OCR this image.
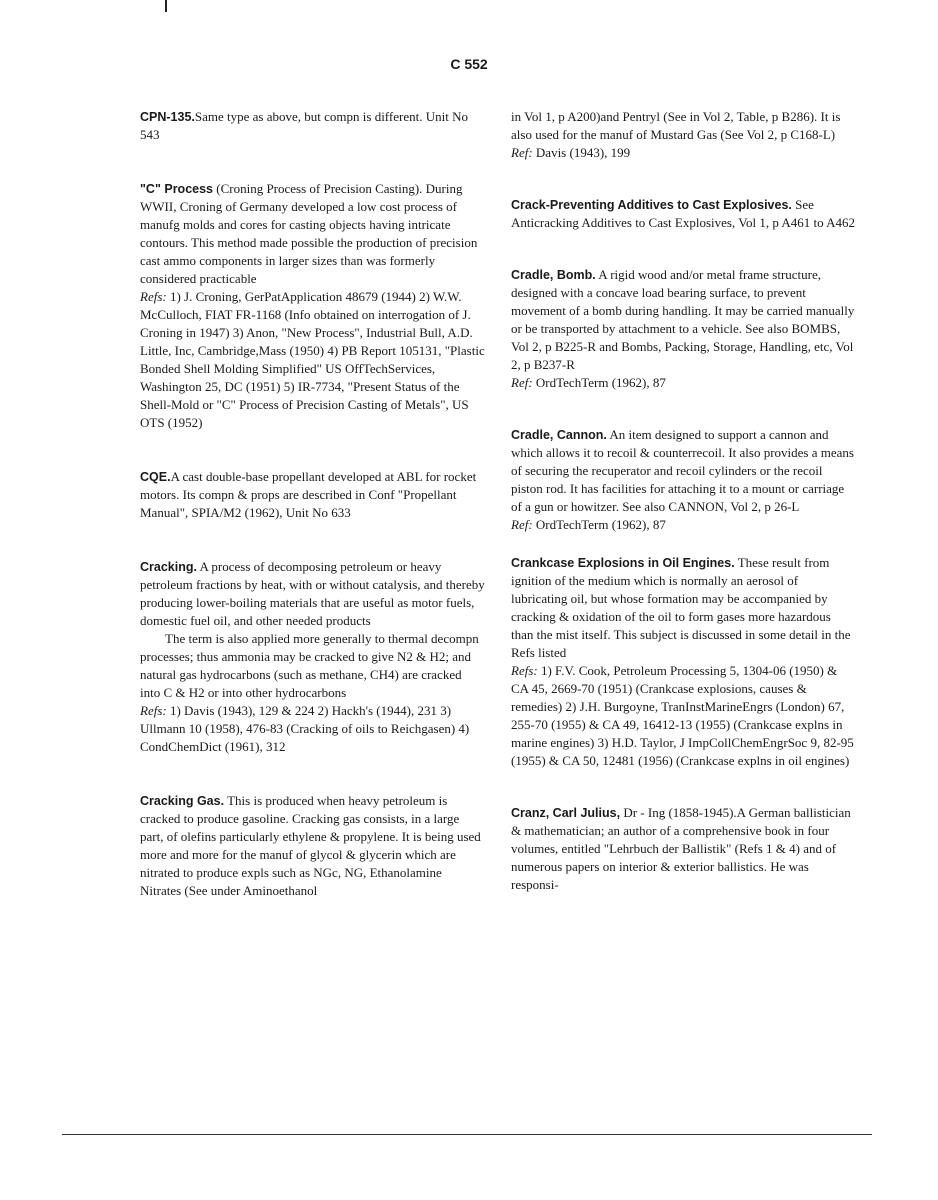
C 552

CPN-135.Same type as above, but compn is different. Unit No 543

"C" Process (Croning Process of Precision Casting). During WWII, Croning of Germany developed a low cost process of manufg molds and cores for casting objects having intricate contours. This method made possible the production of precision cast ammo components in larger sizes than was formerly considered practicable
Refs: 1) J. Croning, GerPatApplication 48679 (1944) 2) W.W. McCulloch, FIAT FR-1168 (Info obtained on interrogation of J. Croning in 1947) 3) Anon, "New Process", Industrial Bull, A.D. Little, Inc, Cambridge,Mass (1950) 4) PB Report 105131, "Plastic Bonded Shell Molding Simplified" US OffTechServices, Washington 25, DC (1951) 5) IR-7734, "Present Status of the Shell-Mold or "C" Process of Precision Casting of Metals", US OTS (1952)

CQE.A cast double-base propellant developed at ABL for rocket motors. Its compn & props are described in Conf "Propellant Manual", SPIA/M2 (1962), Unit No 633

Cracking. A process of decomposing petroleum or heavy petroleum fractions by heat, with or without catalysis, and thereby producing lower-boiling materials that are useful as motor fuels, domestic fuel oil, and other needed products
The term is also applied more generally to thermal decompn processes; thus ammonia may be cracked to give N2 & H2; and natural gas hydrocarbons (such as methane, CH4) are cracked into C & H2 or into other hydrocarbons
Refs: 1) Davis (1943), 129 & 224 2) Hackh's (1944), 231 3) Ullmann 10 (1958), 476-83 (Cracking of oils to Reichgasen) 4) CondChemDict (1961), 312

Cracking Gas. This is produced when heavy petroleum is cracked to produce gasoline. Cracking gas consists, in a large part, of olefins particularly ethylene & propylene. It is being used more and more for the manuf of glycol & glycerin which are nitrated to produce expls such as NGc, NG, Ethanolamine Nitrates (See under Aminoethanol

in Vol 1, p A200)and Pentryl (See in Vol 2, Table, p B286). It is also used for the manuf of Mustard Gas (See Vol 2, p C168-L)
Ref: Davis (1943), 199

Crack-Preventing Additives to Cast Explosives. See Anticracking Additives to Cast Explosives, Vol 1, p A461 to A462

Cradle, Bomb. A rigid wood and/or metal frame structure, designed with a concave load bearing surface, to prevent movement of a bomb during handling. It may be carried manually or be transported by attachment to a vehicle. See also BOMBS, Vol 2, p B225-R and Bombs, Packing, Storage, Handling, etc, Vol 2, p B237-R
Ref: OrdTechTerm (1962), 87

Cradle, Cannon. An item designed to support a cannon and which allows it to recoil & counterrecoil. It also provides a means of securing the recuperator and recoil cylinders or the recoil piston rod. It has facilities for attaching it to a mount or carriage of a gun or howitzer. See also CANNON, Vol 2, p 26-L
Ref: OrdTechTerm (1962), 87

Crankcase Explosions in Oil Engines. These result from ignition of the medium which is normally an aerosol of lubricating oil, but whose formation may be accompanied by cracking & oxidation of the oil to form gases more hazardous than the mist itself. This subject is discussed in some detail in the Refs listed
Refs: 1) F.V. Cook, Petroleum Processing 5, 1304-06 (1950) & CA 45, 2669-70 (1951) (Crankcase explosions, causes & remedies) 2) J.H. Burgoyne, TranInstMarineEngrs (London) 67, 255-70 (1955) & CA 49, 16412-13 (1955) (Crankcase explns in marine engines) 3) H.D. Taylor, J ImpCollChemEngrSoc 9, 82-95 (1955) & CA 50, 12481 (1956) (Crankcase explns in oil engines)

Cranz, Carl Julius, Dr - Ing (1858-1945).A German ballistician & mathematician; an author of a comprehensive book in four volumes, entitled "Lehrbuch der Ballistik" (Refs 1 & 4) and of numerous papers on interior & exterior ballistics. He was responsi-
